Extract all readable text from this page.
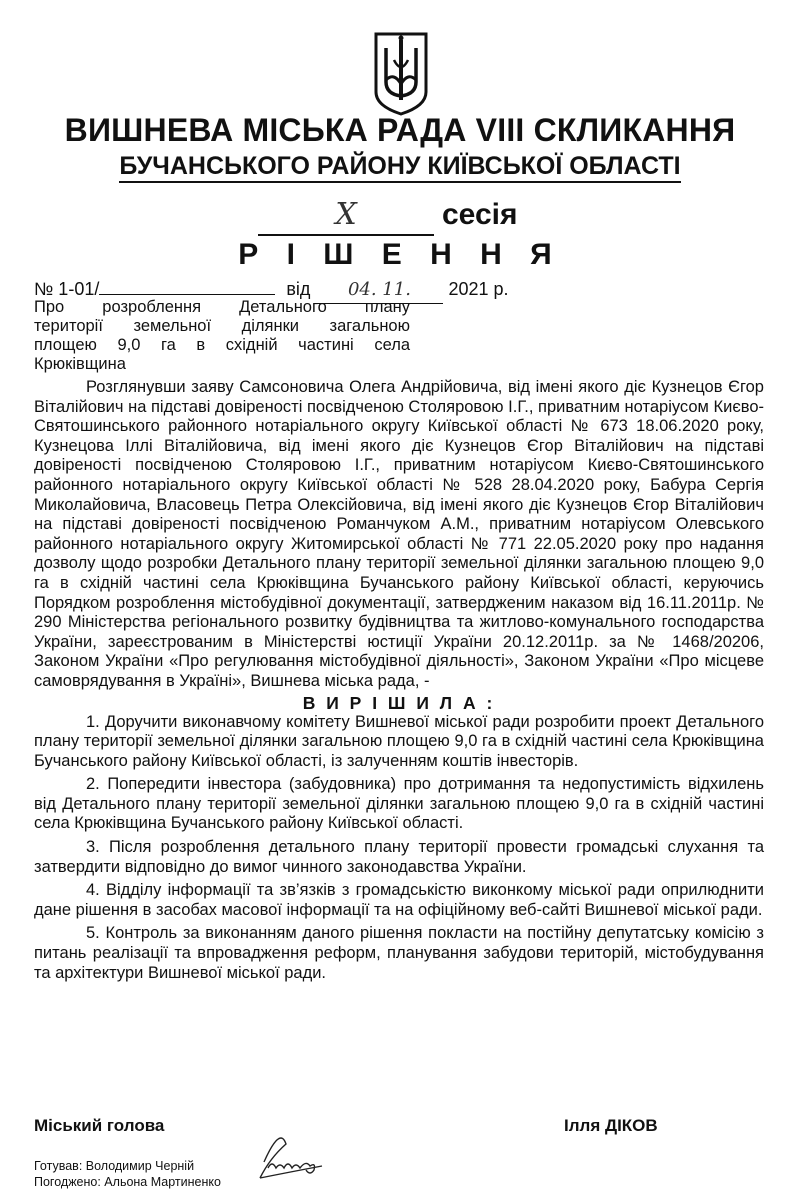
ВИШНЕВА МІСЬКА РАДА VIII СКЛИКАННЯ
БУЧАНСЬКОГО РАЙОНУ КИЇВСЬКОЇ ОБЛАСТІ
X	сесія
Р І Ш Е Н Н Я
№ 1-01/	від 04. 11. 2021 р.
Про розроблення Детального плану
території земельної ділянки загальною
площею 9,0 га в східній частині села
Крюківщина

Розглянувши заяву Самсоновича Олега Андрійовича, від імені якого діє Кузнецов Єгор Віталійович на підставі довіреності посвідченою Столяровою І.Г., приватним нотаріусом Києво-Святошинського районного нотаріального округу Київської області № 673 18.06.2020 року, Кузнецова Іллі Віталійовича, від імені якого діє Кузнецов Єгор Віталійович на підставі довіреності посвідченою Столяровою І.Г., приватним нотаріусом Києво-Святошинського районного нотаріального округу Київської області № 528 28.04.2020 року, Бабура Сергія Миколайовича, Власовець Петра Олексійовича, від імені якого діє Кузнецов Єгор Віталійович на підставі довіреності посвідченою Романчуком А.М., приватним нотаріусом Олевського районного нотаріального округу Житомирської області № 771 22.05.2020 року про надання дозволу щодо розробки Детального плану території земельної ділянки загальною площею 9,0 га в східній частині села Крюківщина Бучанського району Київської області, керуючись Порядком розроблення містобудівної документації, затвердженим наказом від 16.11.2011р. № 290 Міністерства регіонального розвитку будівництва та житлово-комунального господарства України, зареєстрованим в Міністерстві юстиції України 20.12.2011р. за № 1468/20206, Законом України «Про регулювання містобудівної діяльності», Законом України «Про місцеве самоврядування в Україні», Вишнева міська рада, -

В И Р І Ш И Л А :

1. Доручити виконавчому комітету Вишневої міської ради розробити проект Детального плану території земельної ділянки загальною площею 9,0 га в східній частині села Крюківщина Бучанського району Київської області, із залученням коштів інвесторів.

2. Попередити інвестора (забудовника) про дотримання та недопустимість відхилень від Детального плану території земельної ділянки загальною площею 9,0 га в східній частині села Крюківщина Бучанського району Київської області.

3. Після розроблення детального плану території провести громадські слухання та затвердити відповідно до вимог чинного законодавства України.

4. Відділу інформації та зв’язків з громадськістю виконкому міської ради оприлюднити дане рішення в засобах масової інформації та на офіційному веб-сайті Вишневої міської ради.

5. Контроль за виконанням даного рішення покласти на постійну депутатську комісію з питань реалізації та впровадження реформ, планування забудови територій, містобудування та архітектури Вишневої міської ради.

Міський голова	Ілля ДІКОВ
Готував: Володимир Черній
Погоджено: Альона Мартиненко
